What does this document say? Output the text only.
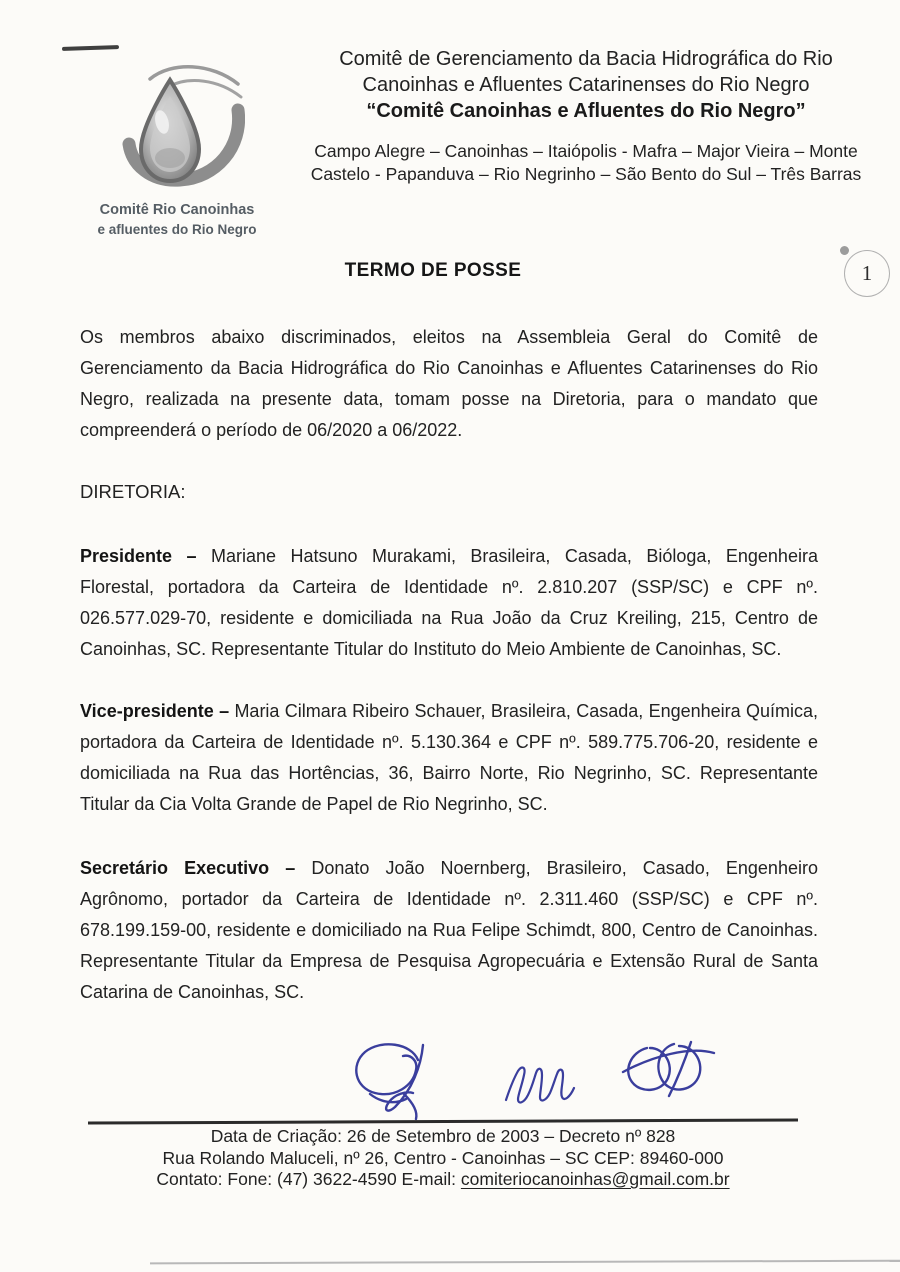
Comitê Rio Canoinhas
e afluentes do Rio Negro
Comitê de Gerenciamento da Bacia Hidrográfica do Rio Canoinhas e Afluentes Catarinenses do Rio Negro
“Comitê Canoinhas e Afluentes do Rio Negro”
Campo Alegre – Canoinhas – Itaiópolis - Mafra – Major Vieira – Monte Castelo - Papanduva – Rio Negrinho – São Bento do Sul – Três Barras
1
TERMO DE POSSE

Os membros abaixo discriminados, eleitos na Assembleia Geral do Comitê de Gerenciamento da Bacia Hidrográfica do Rio Canoinhas e Afluentes Catarinenses do Rio Negro, realizada na presente data, tomam posse na Diretoria, para o mandato que compreenderá o período de 06/2020 a 06/2022.

DIRETORIA:

Presidente – Mariane Hatsuno Murakami, Brasileira, Casada, Bióloga, Engenheira Florestal, portadora da Carteira de Identidade nº. 2.810.207 (SSP/SC) e CPF nº. 026.577.029-70, residente e domiciliada na Rua João da Cruz Kreiling, 215, Centro de Canoinhas, SC. Representante Titular do Instituto do Meio Ambiente de Canoinhas, SC.

Vice-presidente – Maria Cilmara Ribeiro Schauer, Brasileira, Casada, Engenheira Química, portadora da Carteira de Identidade nº. 5.130.364 e CPF nº. 589.775.706-20, residente e domiciliada na Rua das Hortências, 36, Bairro Norte, Rio Negrinho, SC. Representante Titular da Cia Volta Grande de Papel de Rio Negrinho, SC.

Secretário Executivo – Donato João Noernberg, Brasileiro, Casado, Engenheiro Agrônomo, portador da Carteira de Identidade nº. 2.311.460 (SSP/SC) e CPF nº. 678.199.159-00, residente e domiciliado na Rua Felipe Schimdt, 800, Centro de Canoinhas. Representante Titular da Empresa de Pesquisa Agropecuária e Extensão Rural de Santa Catarina de Canoinhas, SC.

Data de Criação: 26 de Setembro de 2003 – Decreto nº 828
Rua Rolando Maluceli, nº 26, Centro - Canoinhas – SC CEP: 89460-000
Contato: Fone: (47) 3622-4590 E-mail: comiteriocanoinhas@gmail.com.br
